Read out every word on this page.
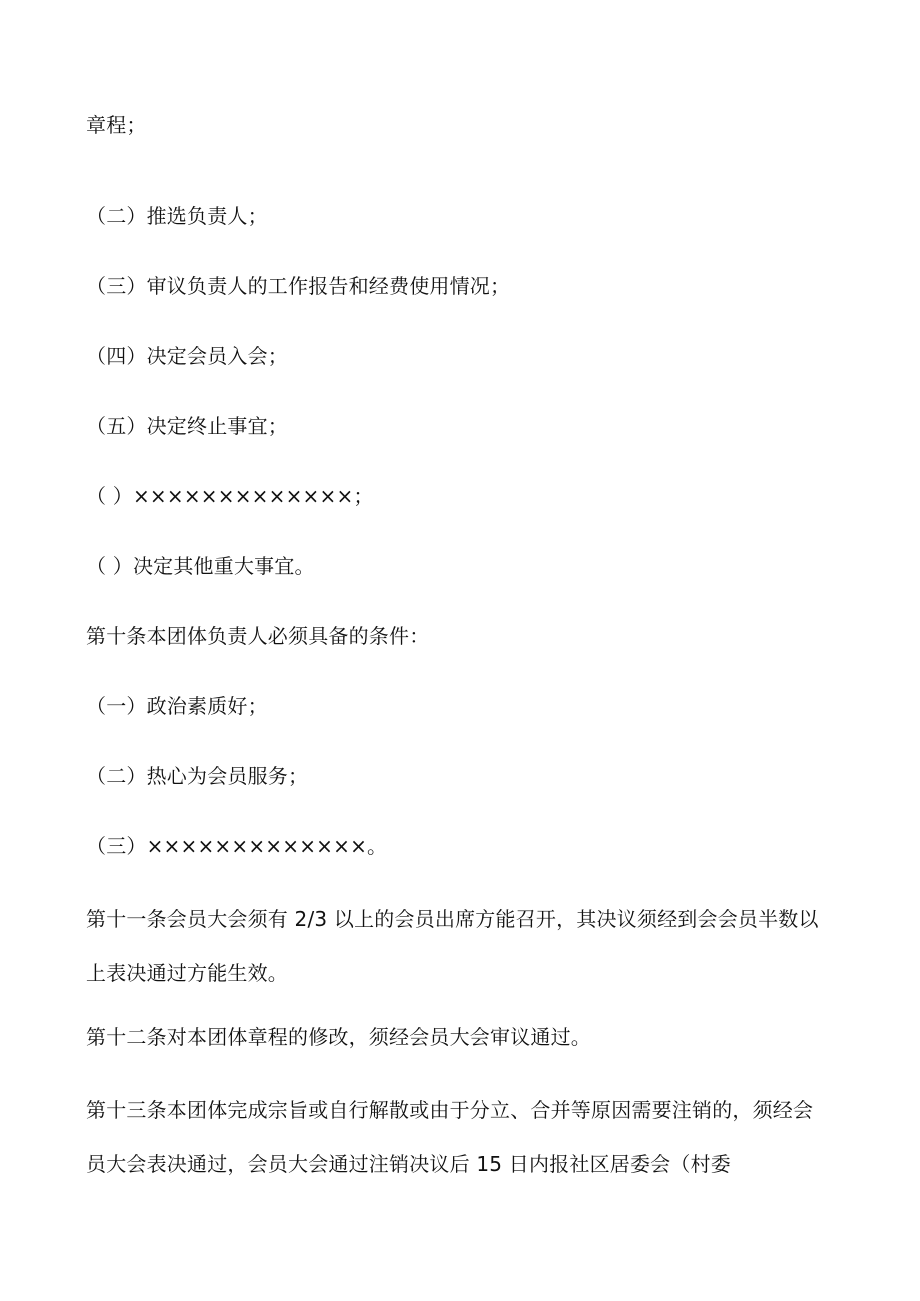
章程；

（二）推选负责人；

（三）审议负责人的工作报告和经费使用情况；

（四）决定会员入会；

（五）决定终止事宜；

（ ）×××××××××××××；

（ ）决定其他重大事宜。

第十条本团体负责人必须具备的条件：

（一）政治素质好；

（二）热心为会员服务；

（三）×××××××××××××。

第十一条会员大会须有 2/3 以上的会员出席方能召开，其决议须经到会会员半数以上表决通过方能生效。

第十二条对本团体章程的修改，须经会员大会审议通过。

第十三条本团体完成宗旨或自行解散或由于分立、合并等原因需要注销的，须经会员大会表决通过，会员大会通过注销决议后 15 日内报社区居委会（村委
